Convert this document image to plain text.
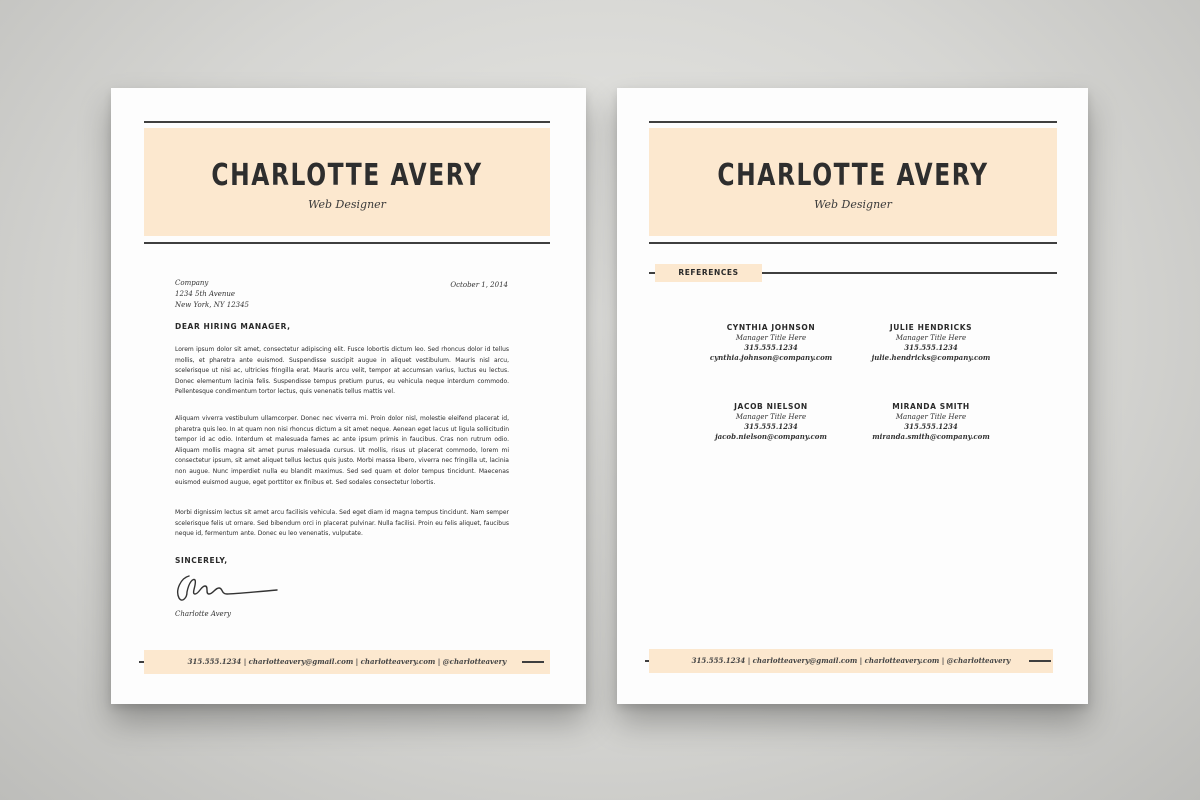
CHARLOTTE AVERY
Web Designer
Company
1234 5th Avenue
New York, NY 12345
October 1, 2014
DEAR HIRING MANAGER,
Lorem ipsum dolor sit amet, consectetur adipiscing elit. Fusce lobortis dictum leo. Sed rhoncus dolor id tellus mollis, et pharetra ante euismod. Suspendisse suscipit augue in aliquet vestibulum. Mauris nisl arcu, scelerisque ut nisi ac, ultricies fringilla erat. Mauris arcu velit, tempor at accumsan varius, luctus eu lectus. Donec elementum lacinia felis. Suspendisse tempus pretium purus, eu vehicula neque interdum commodo. Pellentesque condimentum tortor lectus, quis venenatis tellus mattis vel.
Aliquam viverra vestibulum ullamcorper. Donec nec viverra mi. Proin dolor nisl, molestie eleifend placerat id, pharetra quis leo. In at quam non nisi rhoncus dictum a sit amet neque. Aenean eget lacus ut ligula sollicitudin tempor id ac odio. Interdum et malesuada fames ac ante ipsum primis in faucibus. Cras non rutrum odio. Aliquam mollis magna sit amet purus malesuada cursus. Ut mollis, risus ut placerat commodo, lorem mi consectetur ipsum, sit amet aliquet tellus lectus quis justo. Morbi massa libero, viverra nec fringilla ut, lacinia non augue. Nunc imperdiet nulla eu blandit maximus. Sed sed quam et dolor tempus tincidunt. Maecenas euismod euismod augue, eget porttitor ex finibus et. Sed sodales consectetur lobortis.
Morbi dignissim lectus sit amet arcu facilisis vehicula. Sed eget diam id magna tempus tincidunt. Nam semper scelerisque felis ut ornare. Sed bibendum orci in placerat pulvinar. Nulla facilisi. Proin eu felis aliquet, faucibus neque id, fermentum ante. Donec eu leo venenatis, vulputate.
SINCERELY,
Charlotte Avery
315.555.1234 | charlotteavery@gmail.com | charlotteavery.com | @charlotteavery
CHARLOTTE AVERY
Web Designer
REFERENCES
CYNTHIA JOHNSON
Manager Title Here
315.555.1234
cynthia.johnson@company.com
JULIE HENDRICKS
Manager Title Here
315.555.1234
julie.hendricks@company.com
JACOB NIELSON
Manager Title Here
315.555.1234
jacob.nielson@company.com
MIRANDA SMITH
Manager Title Here
315.555.1234
miranda.smith@company.com
315.555.1234 | charlotteavery@gmail.com | charlotteavery.com | @charlotteavery
